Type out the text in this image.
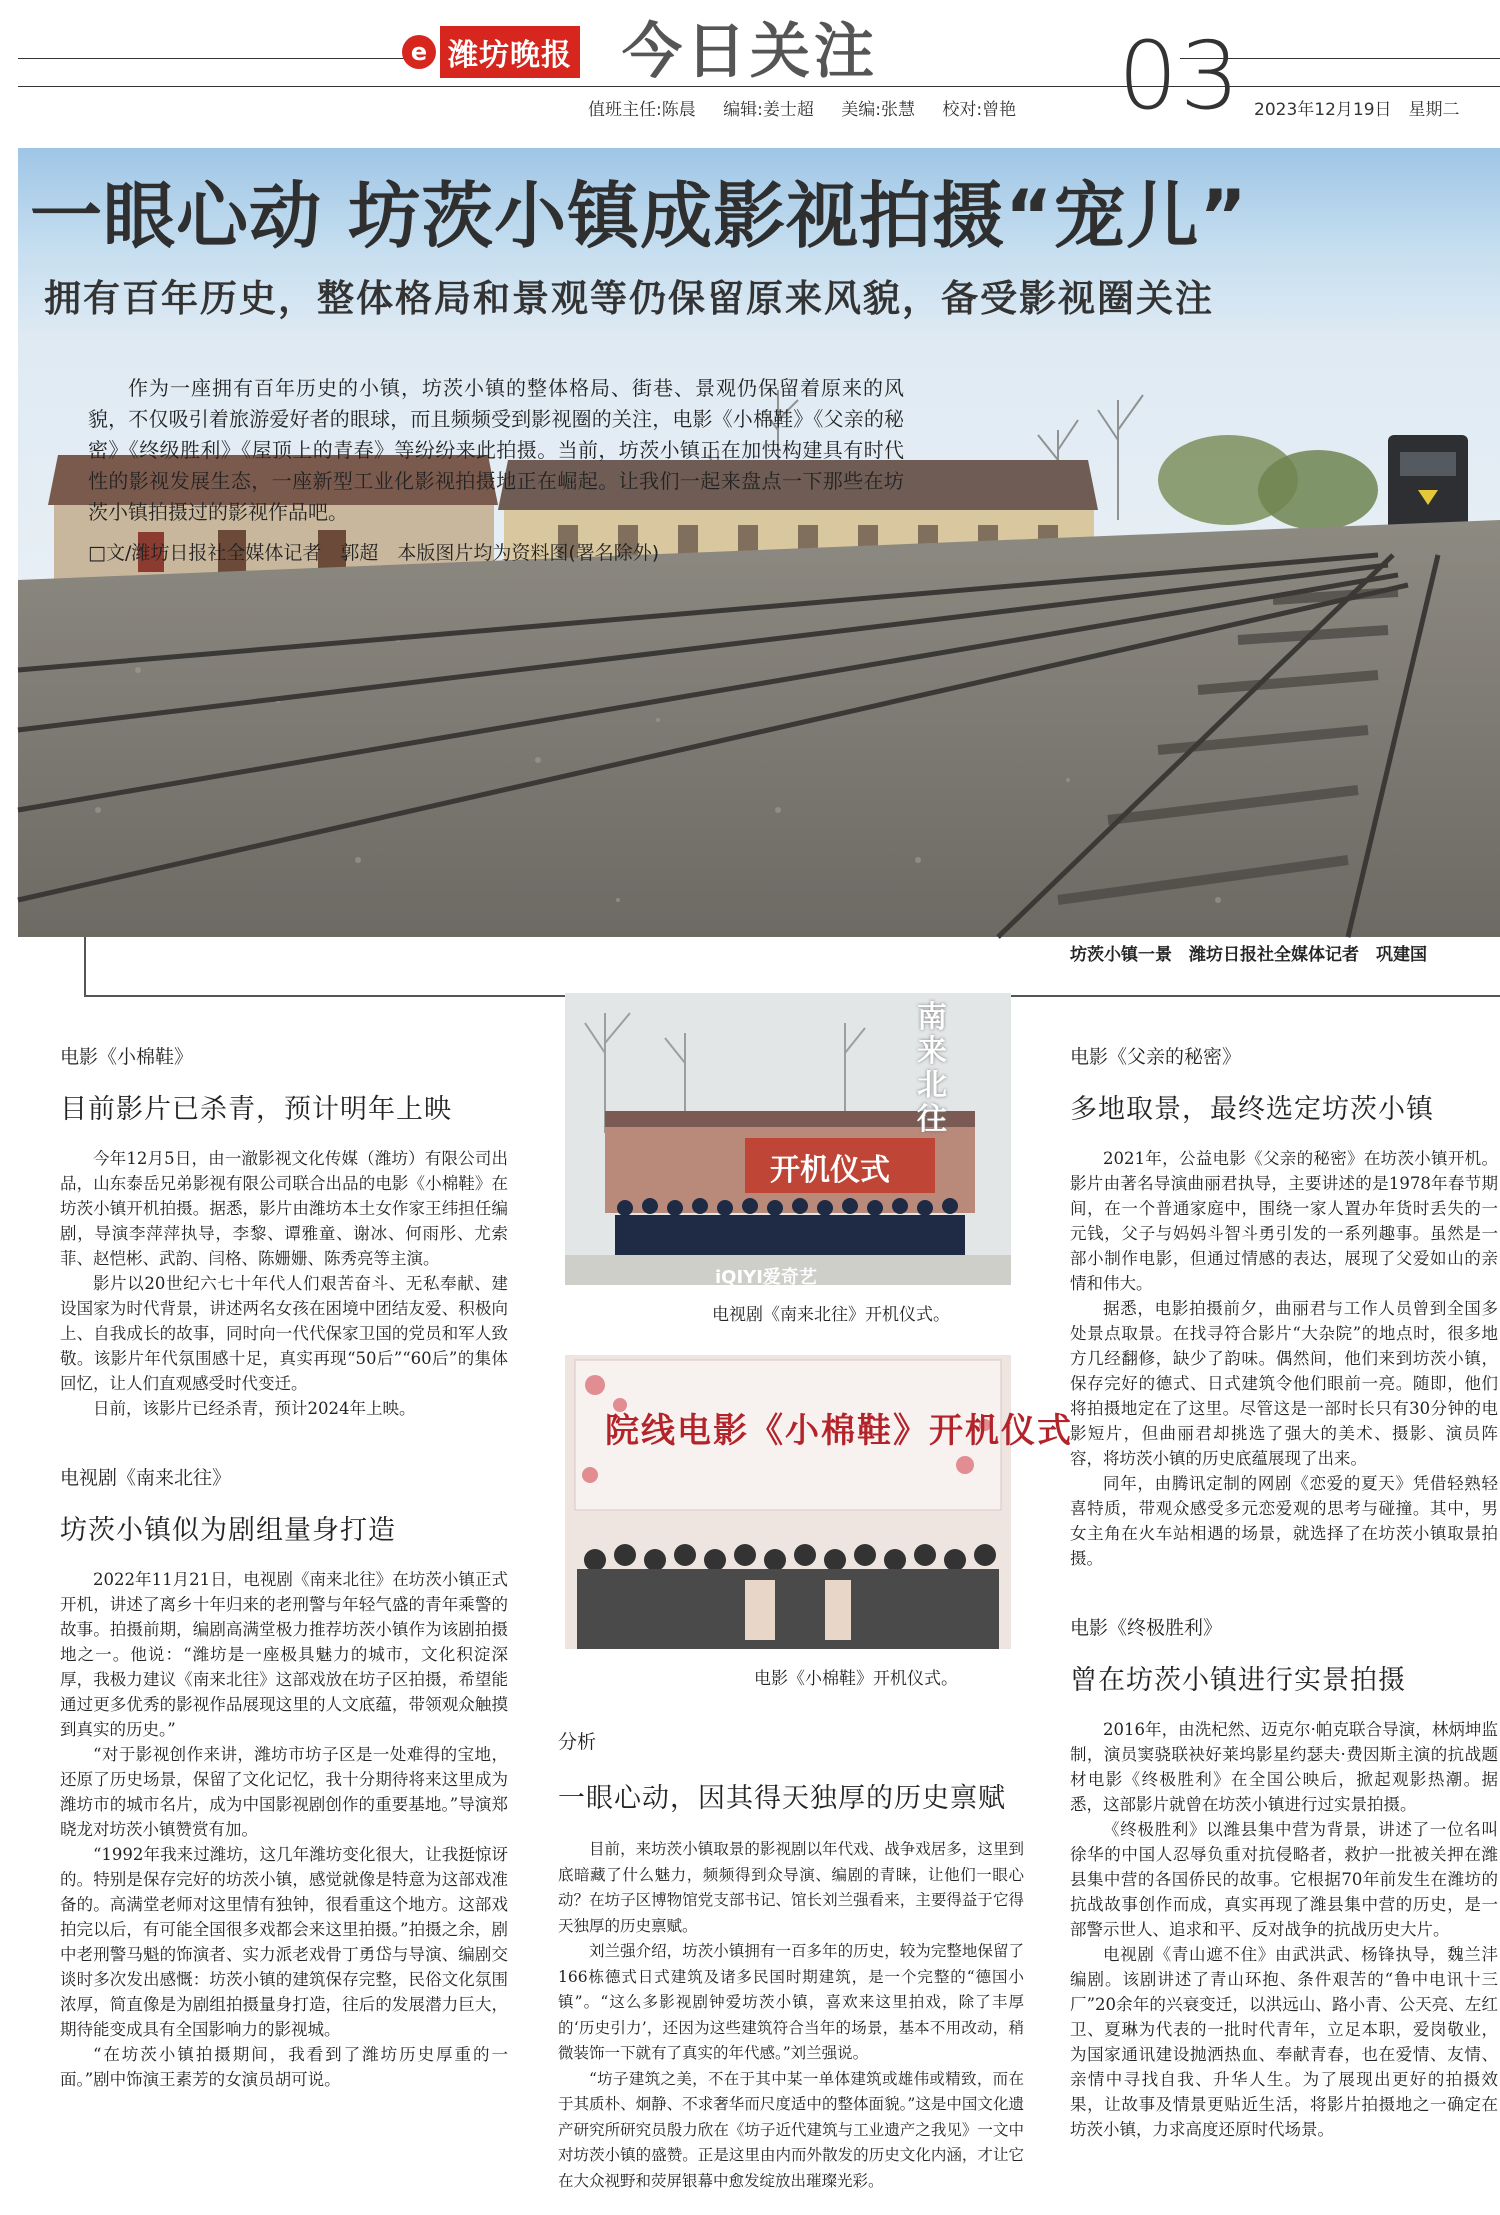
e 潍坊晚报 今日关注	03
值班主任:陈晨 编辑:姜士超 美编:张慧 校对:曾艳	2023年12月19日　星期二
一眼心动 坊茨小镇成影视拍摄“宠儿”
拥有百年历史，整体格局和景观等仍保留原来风貌，备受影视圈关注

作为一座拥有百年历史的小镇，坊茨小镇的整体格局、街巷、景观仍保留着原来的风貌，不仅吸引着旅游爱好者的眼球，而且频频受到影视圈的关注，电影《小棉鞋》《父亲的秘密》《终级胜利》《屋顶上的青春》等纷纷来此拍摄。当前，坊茨小镇正在加快构建具有时代性的影视发展生态，一座新型工业化影视拍摄地正在崛起。让我们一起来盘点一下那些在坊茨小镇拍摄过的影视作品吧。

□文/潍坊日报社全媒体记者　郭超　本版图片均为资料图(署名除外)
坊茨小镇一景　潍坊日报社全媒体记者　巩建国
电影《小棉鞋》
目前影片已杀青，预计明年上映

今年12月5日，由一澈影视文化传媒（潍坊）有限公司出品，山东泰岳兄弟影视有限公司联合出品的电影《小棉鞋》在坊茨小镇开机拍摄。据悉，影片由潍坊本土女作家王纬担任编剧，导演李萍萍执导，李黎、谭雅童、谢冰、何雨彤、尤索菲、赵恺彬、武韵、闫格、陈姗姗、陈秀亮等主演。

影片以20世纪六七十年代人们艰苦奋斗、无私奉献、建设国家为时代背景，讲述两名女孩在困境中团结友爱、积极向上、自我成长的故事，同时向一代代保家卫国的党员和军人致敬。该影片年代氛围感十足，真实再现“50后”“60后”的集体回忆，让人们直观感受时代变迁。

日前，该影片已经杀青，预计2024年上映。

电视剧《南来北往》
坊茨小镇似为剧组量身打造

2022年11月21日，电视剧《南来北往》在坊茨小镇正式开机，讲述了离乡十年归来的老刑警与年轻气盛的青年乘警的故事。拍摄前期，编剧高满堂极力推荐坊茨小镇作为该剧拍摄地之一。他说：“潍坊是一座极具魅力的城市，文化积淀深厚，我极力建议《南来北往》这部戏放在坊子区拍摄，希望能通过更多优秀的影视作品展现这里的人文底蕴，带领观众触摸到真实的历史。”

“对于影视创作来讲，潍坊市坊子区是一处难得的宝地，还原了历史场景，保留了文化记忆，我十分期待将来这里成为潍坊市的城市名片，成为中国影视剧创作的重要基地。”导演郑晓龙对坊茨小镇赞赏有加。

“1992年我来过潍坊，这几年潍坊变化很大，让我挺惊讶的。特别是保存完好的坊茨小镇，感觉就像是特意为这部戏准备的。高满堂老师对这里情有独钟，很看重这个地方。这部戏拍完以后，有可能全国很多戏都会来这里拍摄。”拍摄之余，剧中老刑警马魁的饰演者、实力派老戏骨丁勇岱与导演、编剧交谈时多次发出感慨：坊茨小镇的建筑保存完整，民俗文化氛围浓厚，简直像是为剧组拍摄量身打造，往后的发展潜力巨大，期待能变成具有全国影响力的影视城。

“在坊茨小镇拍摄期间，我看到了潍坊历史厚重的一面。”剧中饰演王素芳的女演员胡可说。

南来北往
开机仪式
iQIYI爱奇艺
电视剧《南来北往》开机仪式。
院线电影《小棉鞋》开机仪式
电影《小棉鞋》开机仪式。
分析
一眼心动，因其得天独厚的历史禀赋

目前，来坊茨小镇取景的影视剧以年代戏、战争戏居多，这里到底暗藏了什么魅力，频频得到众导演、编剧的青睐，让他们一眼心动？在坊子区博物馆党支部书记、馆长刘兰强看来，主要得益于它得天独厚的历史禀赋。

刘兰强介绍，坊茨小镇拥有一百多年的历史，较为完整地保留了166栋德式日式建筑及诸多民国时期建筑，是一个完整的“德国小镇”。“这么多影视剧钟爱坊茨小镇，喜欢来这里拍戏，除了丰厚的‘历史引力’，还因为这些建筑符合当年的场景，基本不用改动，稍微装饰一下就有了真实的年代感。”刘兰强说。

“坊子建筑之美，不在于其中某一单体建筑或雄伟或精致，而在于其质朴、炯静、不求奢华而尺度适中的整体面貌。”这是中国文化遗产研究所研究员殷力欣在《坊子近代建筑与工业遗产之我见》一文中对坊茨小镇的盛赞。正是这里由内而外散发的历史文化内涵，才让它在大众视野和荧屏银幕中愈发绽放出璀璨光彩。

电影《父亲的秘密》
多地取景，最终选定坊茨小镇

2021年，公益电影《父亲的秘密》在坊茨小镇开机。影片由著名导演曲丽君执导，主要讲述的是1978年春节期间，在一个普通家庭中，围绕一家人置办年货时丢失的一元钱，父子与妈妈斗智斗勇引发的一系列趣事。虽然是一部小制作电影，但通过情感的表达，展现了父爱如山的亲情和伟大。

据悉，电影拍摄前夕，曲丽君与工作人员曾到全国多处景点取景。在找寻符合影片“大杂院”的地点时，很多地方几经翻修，缺少了韵味。偶然间，他们来到坊茨小镇，保存完好的德式、日式建筑令他们眼前一亮。随即，他们将拍摄地定在了这里。尽管这是一部时长只有30分钟的电影短片，但曲丽君却挑选了强大的美术、摄影、演员阵容，将坊茨小镇的历史底蕴展现了出来。

同年，由腾讯定制的网剧《恋爱的夏天》凭借轻熟轻喜特质，带观众感受多元恋爱观的思考与碰撞。其中，男女主角在火车站相遇的场景，就选择了在坊茨小镇取景拍摄。

电影《终极胜利》
曾在坊茨小镇进行实景拍摄

2016年，由洗杞然、迈克尔·帕克联合导演，林炳坤监制，演员窦骁联袂好莱坞影星约瑟夫·费因斯主演的抗战题材电影《终极胜利》在全国公映后，掀起观影热潮。据悉，这部影片就曾在坊茨小镇进行过实景拍摄。

《终极胜利》以潍县集中营为背景，讲述了一位名叫徐华的中国人忍辱负重对抗侵略者，救护一批被关押在潍县集中营的各国侨民的故事。它根据70年前发生在潍坊的抗战故事创作而成，真实再现了潍县集中营的历史，是一部警示世人、追求和平、反对战争的抗战历史大片。

电视剧《青山遮不住》由武洪武、杨锋执导，魏兰沣编剧。该剧讲述了青山环抱、条件艰苦的“鲁中电讯十三厂”20余年的兴衰变迁，以洪远山、路小青、公天亮、左红卫、夏琳为代表的一批时代青年，立足本职，爱岗敬业，为国家通讯建设抛洒热血、奉献青春，也在爱情、友情、亲情中寻找自我、升华人生。为了展现出更好的拍摄效果，让故事及情景更贴近生活，将影片拍摄地之一确定在坊茨小镇，力求高度还原时代场景。
